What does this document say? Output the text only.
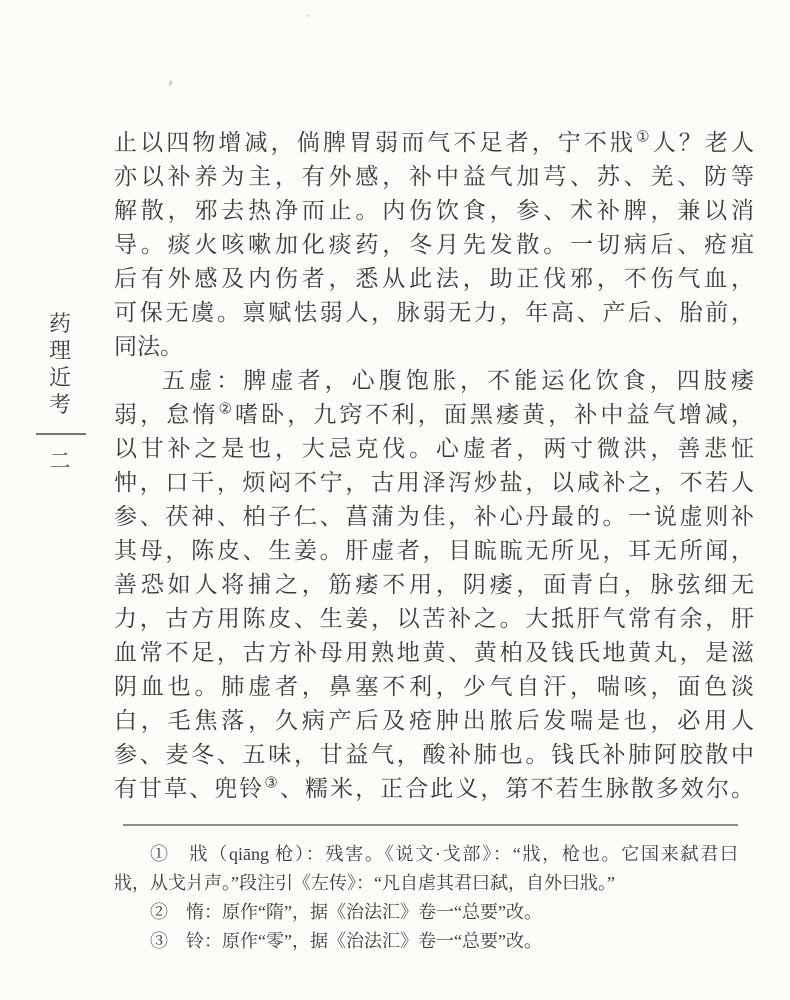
药
理
近
考
二
止以四物增减，倘脾胃弱而气不足者，宁不戕①人？老人
亦以补养为主，有外感，补中益气加芎、苏、羌、防等
解散，邪去热净而止。内伤饮食，参、术补脾，兼以消
导。痰火咳嗽加化痰药，冬月先发散。一切病后、疮疽
后有外感及内伤者，悉从此法，助正伐邪，不伤气血，
可保无虞。禀赋怯弱人，脉弱无力，年高、产后、胎前，
同法。
五虚：脾虚者，心腹饱胀，不能运化饮食，四肢痿
弱，怠惰②嗜卧，九窍不利，面黑痿黄，补中益气增减，
以甘补之是也，大忌克伐。心虚者，两寸微洪，善悲怔
忡，口干，烦闷不宁，古用泽泻炒盐，以咸补之，不若人
参、茯神、柏子仁、菖蒲为佳，补心丹最的。一说虚则补
其母，陈皮、生姜。肝虚者，目䀮䀮无所见，耳无所闻，
善恐如人将捕之，筋痿不用，阴痿，面青白，脉弦细无
力，古方用陈皮、生姜，以苦补之。大抵肝气常有余，肝
血常不足，古方补母用熟地黄、黄柏及钱氏地黄丸，是滋
阴血也。肺虚者，鼻塞不利，少气自汗，喘咳，面色淡
白，毛焦落，久病产后及疮肿出脓后发喘是也，必用人
参、麦冬、五味，甘益气，酸补肺也。钱氏补肺阿胶散中
有甘草、兜铃③、糯米，正合此义，第不若生脉散多效尔。
①　戕（qiāng 枪）：残害。《说文·戈部》：“戕，枪也。它国来弑君曰
戕，从戈爿声。”段注引《左传》：“凡自虐其君曰弑，自外曰戕。”
②　惰：原作“隋”，据《治法汇》卷一“总要”改。
③　铃：原作“零”，据《治法汇》卷一“总要”改。
